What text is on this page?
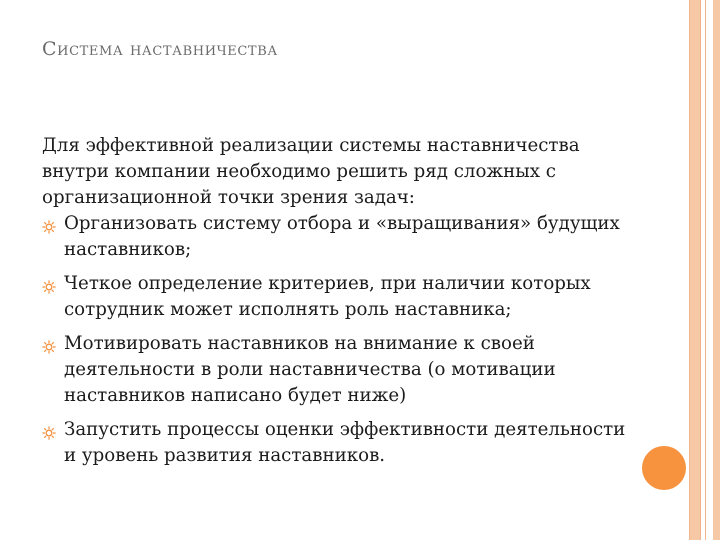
Система наставничества

Для эффективной реализации системы наставничества внутри компании необходимо решить ряд сложных с организационной точки зрения задач:

Организовать систему отбора и «выращивания» будущих наставников;
Четкое определение критериев, при наличии которых сотрудник может исполнять роль наставника;
Мотивировать наставников на внимание к своей деятельности в роли наставничества (о мотивации наставников написано будет ниже)
Запустить процессы оценки эффективности деятельности и уровень развития наставников.
